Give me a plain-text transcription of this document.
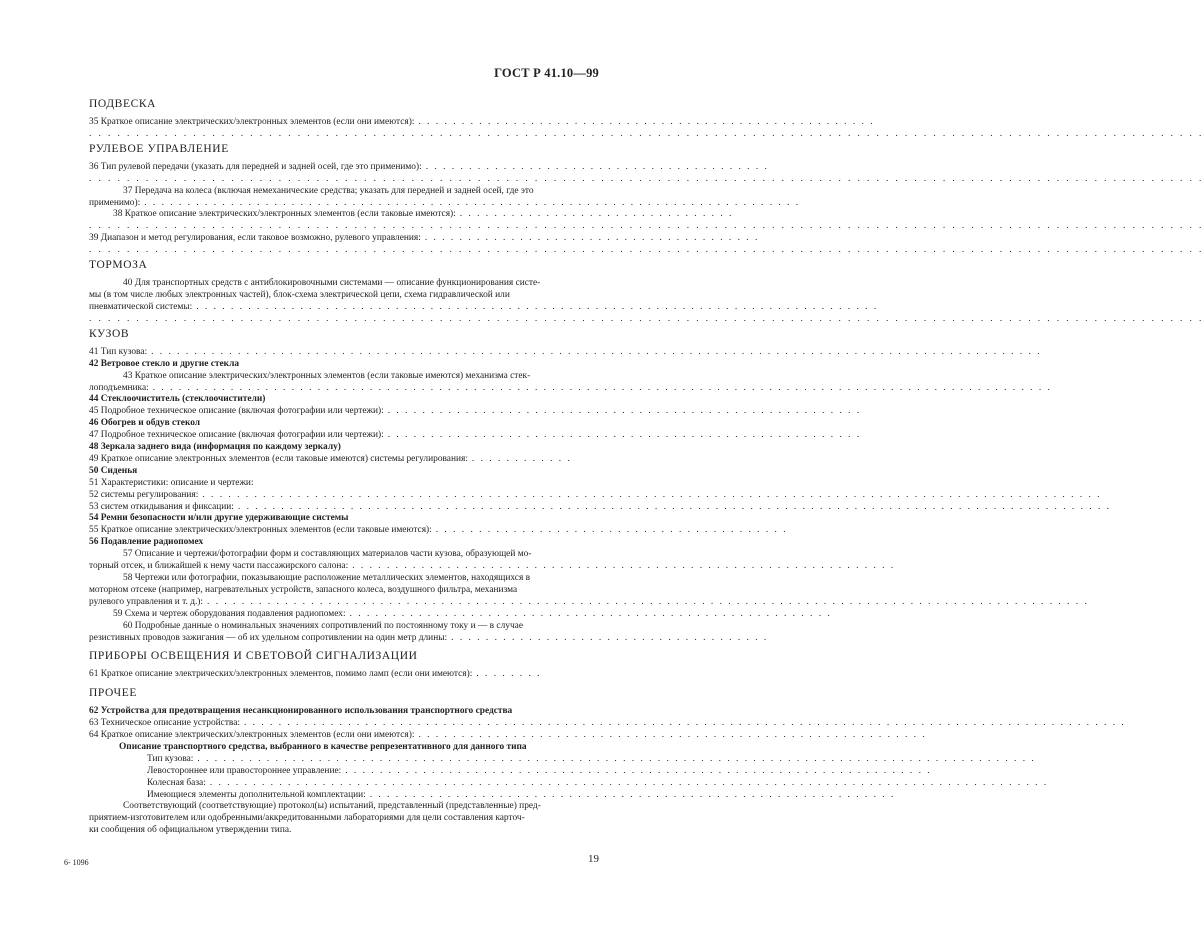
ГОСТ Р 41.10—99
ПОДВЕСКА
35 Краткое описание электрических/электронных элементов (если они имеются): . . . . . . . . . . . . . . . . . . . . . . . . . . . . . . . . . . . . . . . . . . . . . . . . . . . . .
. . . . . . . . . . . . . . . . . . . . . . . . . . . . . . . . . . . . . . . . . . . . . . . . . . . . . . . . . . . . . . . . . . . . . . . . . . . . . . . . . . . . . . . . . . . . . . . . . . . . . . . . . . . . . . . . . . . . . .
РУЛЕВОЕ УПРАВЛЕНИЕ
36 Тип рулевой передачи (указать для передней и задней осей, где это применимо): . . . . . . . . . . . . . . . . . . . . . . . . . . . . . . . . . . . . . . . .
. . . . . . . . . . . . . . . . . . . . . . . . . . . . . . . . . . . . . . . . . . . . . . . . . . . . . . . . . . . . . . . . . . . . . . . . . . . . . . . . . . . . . . . . . . . . . . . . . . . . . . . . . . . . . . . . . . . . . .
37 Передача на колеса (включая немеханические средства; указать для передней и задней осей, где это
применимо): . . . . . . . . . . . . . . . . . . . . . . . . . . . . . . . . . . . . . . . . . . . . . . . . . . . . . . . . . . . . . . . . . . . . . . . . . . . .
38 Краткое описание электрических/электронных элементов (если таковые имеются): . . . . . . . . . . . . . . . . . . . . . . . . . . . . . . . .
. . . . . . . . . . . . . . . . . . . . . . . . . . . . . . . . . . . . . . . . . . . . . . . . . . . . . . . . . . . . . . . . . . . . . . . . . . . . . . . . . . . . . . . . . . . . . . . . . . . . . . . . . . . . . . . . . . . . . .
39 Диапазон и метод регулирования, если таковое возможно, рулевого управления: . . . . . . . . . . . . . . . . . . . . . . . . . . . . . . . . . . . . . . .
. . . . . . . . . . . . . . . . . . . . . . . . . . . . . . . . . . . . . . . . . . . . . . . . . . . . . . . . . . . . . . . . . . . . . . . . . . . . . . . . . . . . . . . . . . . . . . . . . . . . . . . . . . . . . . . . . . . . . .
ТОРМОЗА
40 Для транспортных средств с антиблокировочными системами — описание функционирования систе-
мы (в том числе любых электронных частей), блок-схема электрической цепи, схема гидравлической или
пневматической системы: . . . . . . . . . . . . . . . . . . . . . . . . . . . . . . . . . . . . . . . . . . . . . . . . . . . . . . . . . . . . . . . . . . . . . . . . . . . . . . .
. . . . . . . . . . . . . . . . . . . . . . . . . . . . . . . . . . . . . . . . . . . . . . . . . . . . . . . . . . . . . . . . . . . . . . . . . . . . . . . . . . . . . . . . . . . . . . . . . . . . . . . . . . . . . . . . . . . . . .
КУЗОВ
41 Тип кузова: . . . . . . . . . . . . . . . . . . . . . . . . . . . . . . . . . . . . . . . . . . . . . . . . . . . . . . . . . . . . . . . . . . . . . . . . . . . . . . . . . . . . . . . . . . . . . . . . . . . . . . .
42 Ветровое стекло и другие стекла
43 Краткое описание электрических/электронных элементов (если таковые имеются) механизма стек-
лоподъемника: . . . . . . . . . . . . . . . . . . . . . . . . . . . . . . . . . . . . . . . . . . . . . . . . . . . . . . . . . . . . . . . . . . . . . . . . . . . . . . . . . . . . . . . . . . . . . . . . . . . . . . . .
44 Стеклоочиститель (стеклоочистители)
45 Подробное техническое описание (включая фотографии или чертежи): . . . . . . . . . . . . . . . . . . . . . . . . . . . . . . . . . . . . . . . . . . . . . . . . . . . . . . .
46 Обогрев и обдув стекол
47 Подробное техническое описание (включая фотографии или чертежи): . . . . . . . . . . . . . . . . . . . . . . . . . . . . . . . . . . . . . . . . . . . . . . . . . . . . . . .
48 Зеркала заднего вида (информация по каждому зеркалу)
49 Краткое описание электронных элементов (если таковые имеются) системы регулирования: . . . . . . . . . . . .
50 Сиденья
51 Характеристики: описание и чертежи:
52 системы регулирования: . . . . . . . . . . . . . . . . . . . . . . . . . . . . . . . . . . . . . . . . . . . . . . . . . . . . . . . . . . . . . . . . . . . . . . . . . . . . . . . . . . . . . . . . . . . . . . . . . . . . . . . .
53 систем откидывания и фиксации: . . . . . . . . . . . . . . . . . . . . . . . . . . . . . . . . . . . . . . . . . . . . . . . . . . . . . . . . . . . . . . . . . . . . . . . . . . . . . . . . . . . . . . . . . . . . . . . . . . . . .
54 Ремни безопасности и/или другие удерживающие системы
55 Краткое описание электрических/электронных элементов (если таковые имеются): . . . . . . . . . . . . . . . . . . . . . . . . . . . . . . . . . . . . . . . . .
56 Подавление радиопомех
57 Описание и чертежи/фотографии форм и составляющих материалов части кузова, образующей мо-
торный отсек, и ближайшей к нему части пассажирского салона: . . . . . . . . . . . . . . . . . . . . . . . . . . . . . . . . . . . . . . . . . . . . . . . . . . . . . . . . . . . . . . .
58 Чертежи или фотографии, показывающие расположение металлических элементов, находящихся в
моторном отсеке (например, нагревательных устройств, запасного колеса, воздушного фильтра, механизма
рулевого управления и т. д.): . . . . . . . . . . . . . . . . . . . . . . . . . . . . . . . . . . . . . . . . . . . . . . . . . . . . . . . . . . . . . . . . . . . . . . . . . . . . . . . . . . . . . . . . . . . . . . . . . . . . . .
59 Схема и чертеж оборудования подавления радиопомех: . . . . . . . . . . . . . . . . . . . . . . . . . . . . . . . . . . . . . . . . . . . . . . . . . . . . . . . .
60 Подробные данные о номинальных значениях сопротивлений по постоянному току и — в случае
резистивных проводов зажигания — об их удельном сопротивлении на один метр длины: . . . . . . . . . . . . . . . . . . . . . . . . . . . . . . . . . . . . .
ПРИБОРЫ ОСВЕЩЕНИЯ И СВЕТОВОЙ СИГНАЛИЗАЦИИ
61 Краткое описание электрических/электронных элементов, помимо ламп (если они имеются): . . . . . . . .
ПРОЧЕЕ
62 Устройства для предотвращения несанкционированного использования транспортного средства
63 Техническое описание устройства: . . . . . . . . . . . . . . . . . . . . . . . . . . . . . . . . . . . . . . . . . . . . . . . . . . . . . . . . . . . . . . . . . . . . . . . . . . . . . . . . . . . . . . . . . . . . . . . . . . . . . .
64 Краткое описание электрических/электронных элементов (если они имеются): . . . . . . . . . . . . . . . . . . . . . . . . . . . . . . . . . . . . . . . . . . . . . . . . . . . . . . . . . . .
Описание транспортного средства, выбранного в качестве репрезентативного для данного типа
Тип кузова: . . . . . . . . . . . . . . . . . . . . . . . . . . . . . . . . . . . . . . . . . . . . . . . . . . . . . . . . . . . . . . . . . . . . . . . . . . . . . . . . . . . . . . . . . . . . . . . . .
Левостороннее или правостороннее управление: . . . . . . . . . . . . . . . . . . . . . . . . . . . . . . . . . . . . . . . . . . . . . . . . . . . . . . . . . . . . . . . . . . . .
Колесная база: . . . . . . . . . . . . . . . . . . . . . . . . . . . . . . . . . . . . . . . . . . . . . . . . . . . . . . . . . . . . . . . . . . . . . . . . . . . . . . . . . . . . . . . . . . . . . . . . .
Имеющиеся элементы дополнительной комплектации: . . . . . . . . . . . . . . . . . . . . . . . . . . . . . . . . . . . . . . . . . . . . . . . . . . . . . . . . . . . . .
Соответствующий (соответствующие) протокол(ы) испытаний, представленный (представленные) пред-
приятием-изготовителем или одобренными/аккредитованными лабораториями для цели составления карточ-
ки сообщения об официальном утверждении типа.
6- 1096	19
